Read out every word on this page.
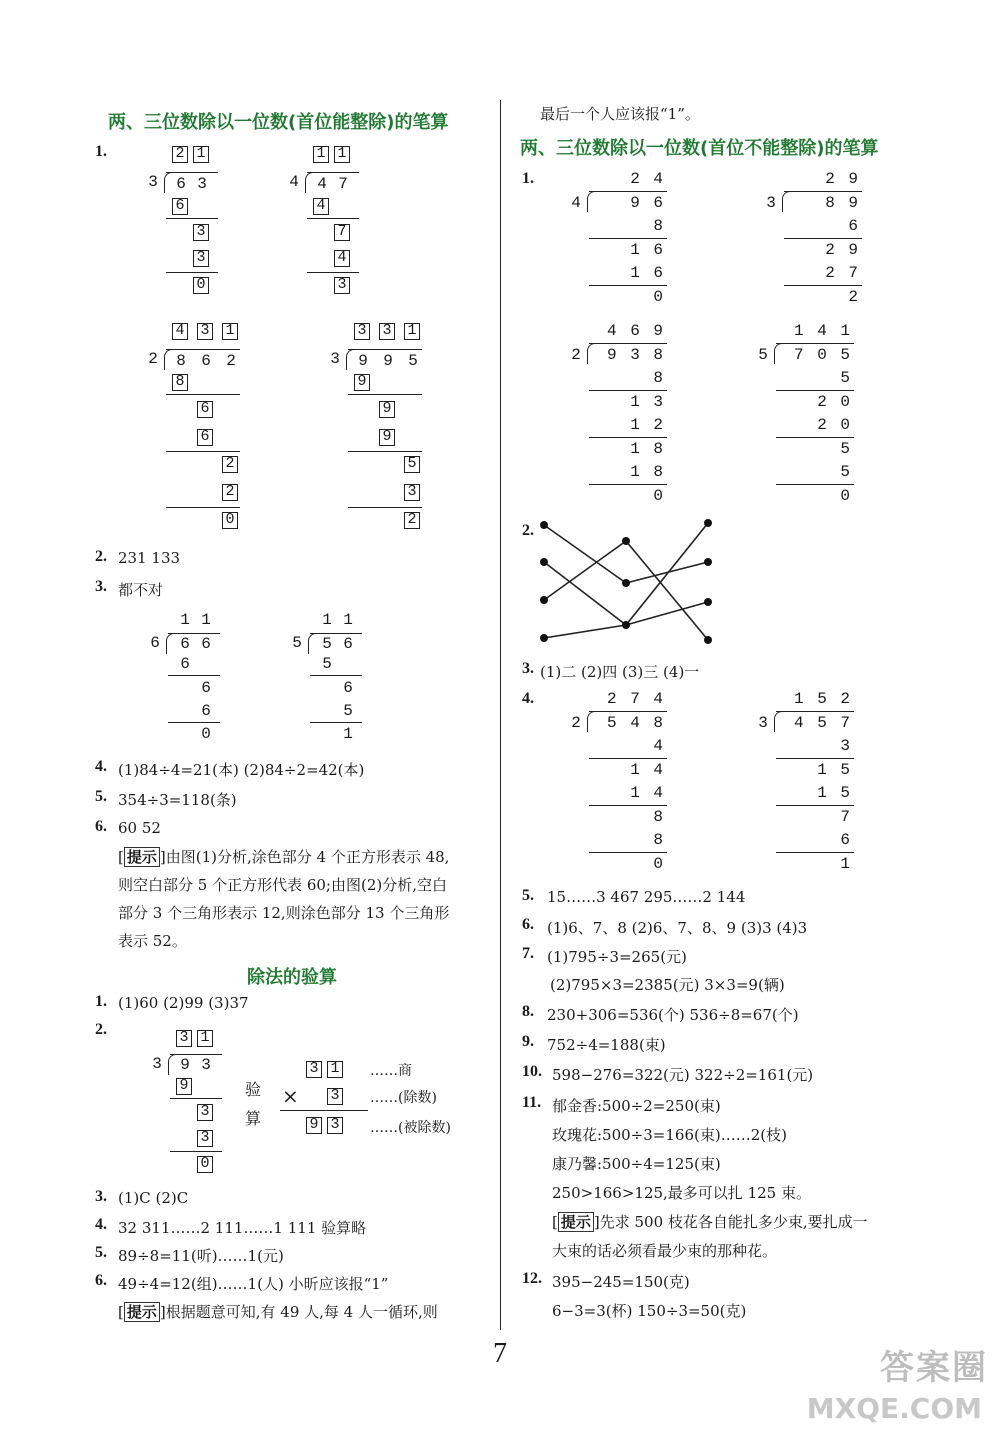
两、三位数除以一位数(首位能整除)的笔算
1.	2 1
3 6 3
6
3
3
0
1 1
4 4 7
4
7
4
3
4 3 1
2 8 6 2
8
6
6
2
2
0
3 3 1
3 9 9 5
9
9
9
5
3
2
2. 231 133
3. 都不对
1 1
6 6 6
6
6
6
0
1 1
5 5 6
5
6
5
1
4. (1)84÷4=21(本) (2)84÷2=42(本)
5. 354÷3=118(条)
6. 60 52
[ 提示 ]由图(1)分析,涂色部分 4 个正方形表示 48,
则空白部分 5 个正方形代表 60;由图(2)分析,空白
部分 3 个三角形表示 12,则涂色部分 13 个三角形
表示 52。
除法的验算
1. (1)60 (2)99 (3)37
2.	3 1
3 9 3
9
3
3
0
验
算
3 1
× 3
9 3
……商
……(除数)
……(被除数)
3. (1)C (2)C
4. 32 311……2 111……1 111 验算略
5. 89÷8=11(听)……1(元)
6. 49÷4=12(组)……1(人) 小昕应该报“1”
[ 提示 ]根据题意可知,有 49 人,每 4 人一循环,则
最后一个人应该报“1”。
两、三位数除以一位数(首位不能整除)的笔算
1.	2 4
4	9 6
8
1 6
1 6
0
2 9
3	8 9
6
2 9
2 7
2
4 6 9
2	9 3 8
8
1 3
1 2
1 8
1 8
0
1 4 1
5	7 0 5
5
2 0
2 0
5
5
0
2 7 4
2	5 4 8
4
1 4
1 4
8
8
0
1 5 2
3	4 5 7
3
1 5
1 5
7
6
1
2.
3. (1)二 (2)四 (3)三 (4)一
4.
5. 15……3 467 295……2 144
6. (1)6、7、8 (2)6、7、8、9 (3)3 (4)3
7. (1)795÷3=265(元)
(2)795×3=2385(元) 3×3=9(辆)
8. 230+306=536(个) 536÷8=67(个)
9. 752÷4=188(束)
10. 598−276=322(元) 322÷2=161(元)
11. 郁金香:500÷2=250(束)
玫瑰花:500÷3=166(束)……2(枝)
康乃馨:500÷4=125(束)
250>166>125,最多可以扎 125 束。
[ 提示 ]先求 500 枝花各自能扎多少束,要扎成一
大束的话必须看最少束的那种花。
12. 395−245=150(克)
6−3=3(杯) 150÷3=50(克)
7	答案圈
MXQE.COM
